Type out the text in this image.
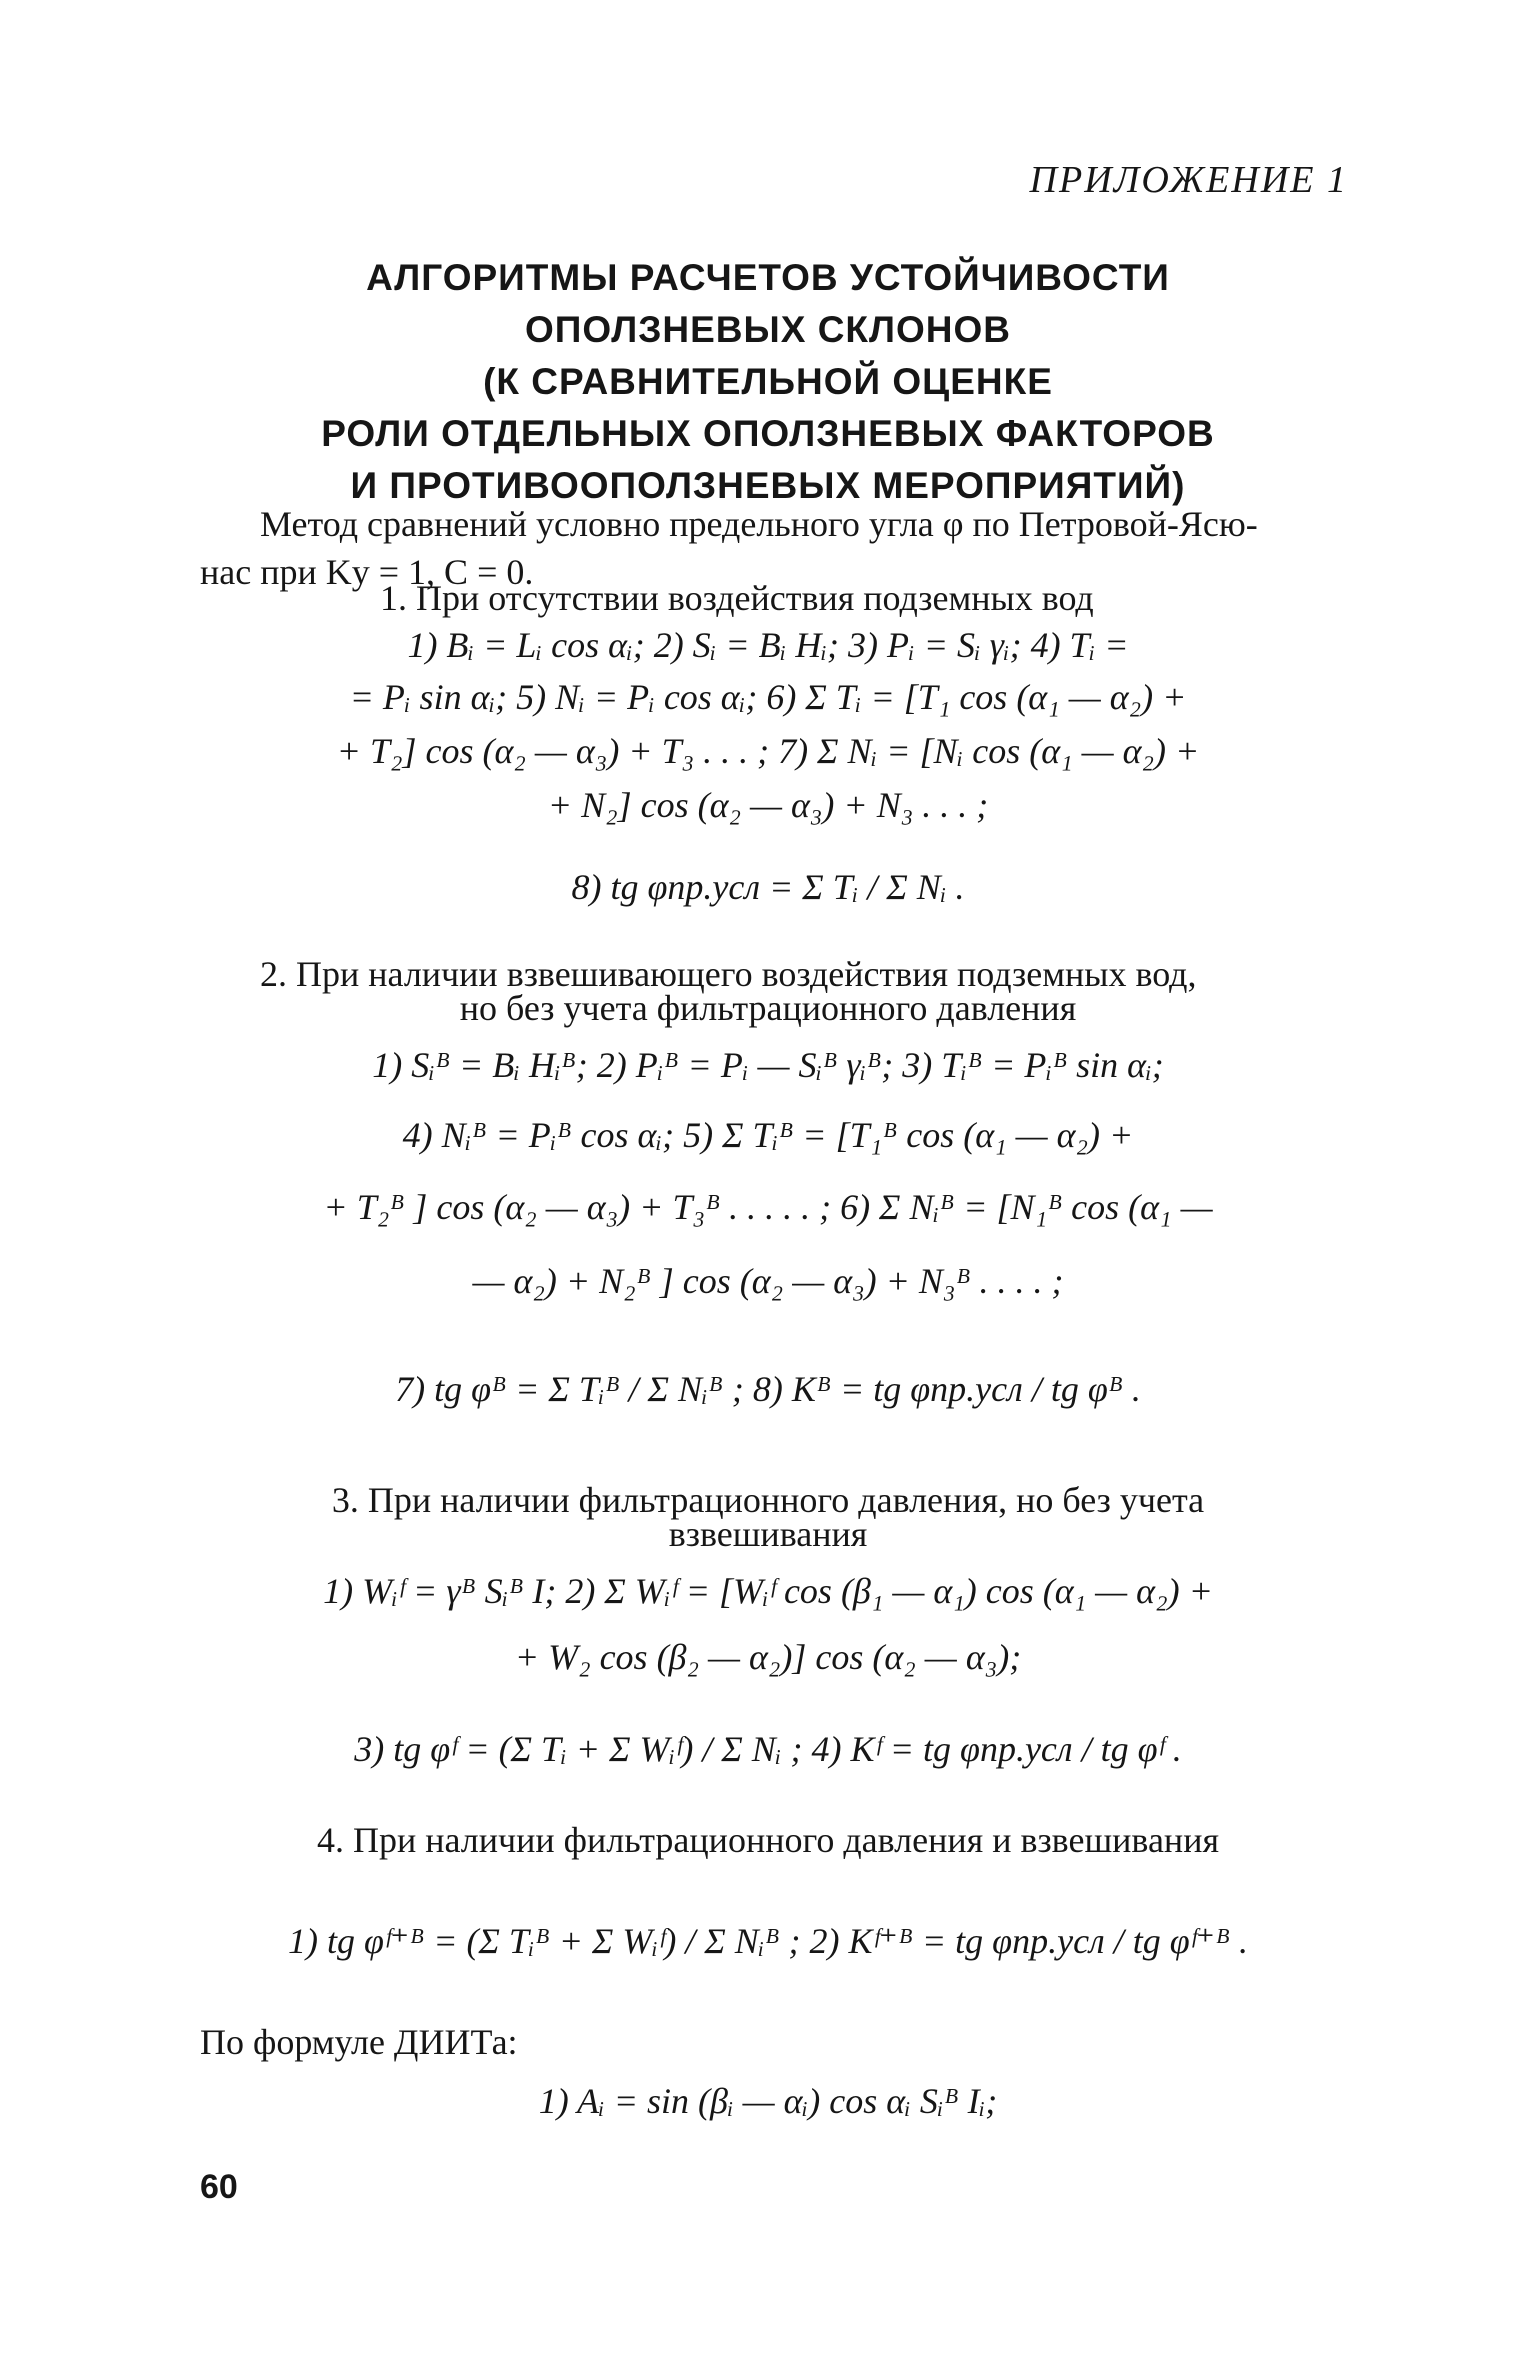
ПРИЛОЖЕНИЕ 1
АЛГОРИТМЫ РАСЧЕТОВ УСТОЙЧИВОСТИ
ОПОЛЗНЕВЫХ СКЛОНОВ
(К СРАВНИТЕЛЬНОЙ ОЦЕНКЕ
РОЛИ ОТДЕЛЬНЫХ ОПОЛЗНЕВЫХ ФАКТОРОВ
И ПРОТИВООПОЛЗНЕВЫХ МЕРОПРИЯТИЙ)
Метод сравнений условно предельного угла φ по Петровой-Ясю-
нас при Kу = 1, C = 0.
1. При отсутствии воздействия подземных вод
1) Bᵢ = Lᵢ cos αᵢ; 2) Sᵢ = Bᵢ Hᵢ; 3) Pᵢ = Sᵢ γᵢ; 4) Tᵢ =
= Pᵢ sin αᵢ; 5) Nᵢ = Pᵢ cos αᵢ; 6) Σ Tᵢ = [T₁ cos (α₁ — α₂) +
+ T₂] cos (α₂ — α₃) + T₃ . . . ; 7) Σ Nᵢ = [Nᵢ cos (α₁ — α₂) +
+ N₂] cos (α₂ — α₃) + N₃ . . . ;
8) tg φпр.усл = Σ Tᵢ / Σ Nᵢ .
2. При наличии взвешивающего воздействия подземных вод,
но без учета фильтрационного давления
1) Sᵢᴮ = Bᵢ Hᵢᴮ; 2) Pᵢᴮ = Pᵢ — Sᵢᴮ γᵢᴮ; 3) Tᵢᴮ = Pᵢᴮ sin αᵢ;
4) Nᵢᴮ = Pᵢᴮ cos αᵢ; 5) Σ Tᵢᴮ = [T₁ᴮ cos (α₁ — α₂) +
+ T₂ᴮ ] cos (α₂ — α₃) + T₃ᴮ . . . . . ; 6) Σ Nᵢᴮ = [N₁ᴮ cos (α₁ —
— α₂) + N₂ᴮ ] cos (α₂ — α₃) + N₃ᴮ . . . . ;
7) tg φᴮ = Σ Tᵢᴮ / Σ Nᵢᴮ ; 8) Kᴮ = tg φпр.усл / tg φᴮ .
3. При наличии фильтрационного давления, но без учета
взвешивания
1) Wᵢᶠ = γᴮ Sᵢᴮ I; 2) Σ Wᵢᶠ = [Wᵢᶠ cos (β₁ — α₁) cos (α₁ — α₂) +
+ W₂ cos (β₂ — α₂)] cos (α₂ — α₃);
3) tg φᶠ = (Σ Tᵢ + Σ Wᵢᶠ) / Σ Nᵢ ; 4) Kᶠ = tg φпр.усл / tg φᶠ .
4. При наличии фильтрационного давления и взвешивания
1) tg φᶠ⁺ᴮ = (Σ Tᵢᴮ + Σ Wᵢᶠ) / Σ Nᵢᴮ ; 2) Kᶠ⁺ᴮ = tg φпр.усл / tg φᶠ⁺ᴮ .
По формуле ДИИТа:
1) Aᵢ = sin (βᵢ — αᵢ) cos αᵢ Sᵢᴮ Iᵢ;
60
